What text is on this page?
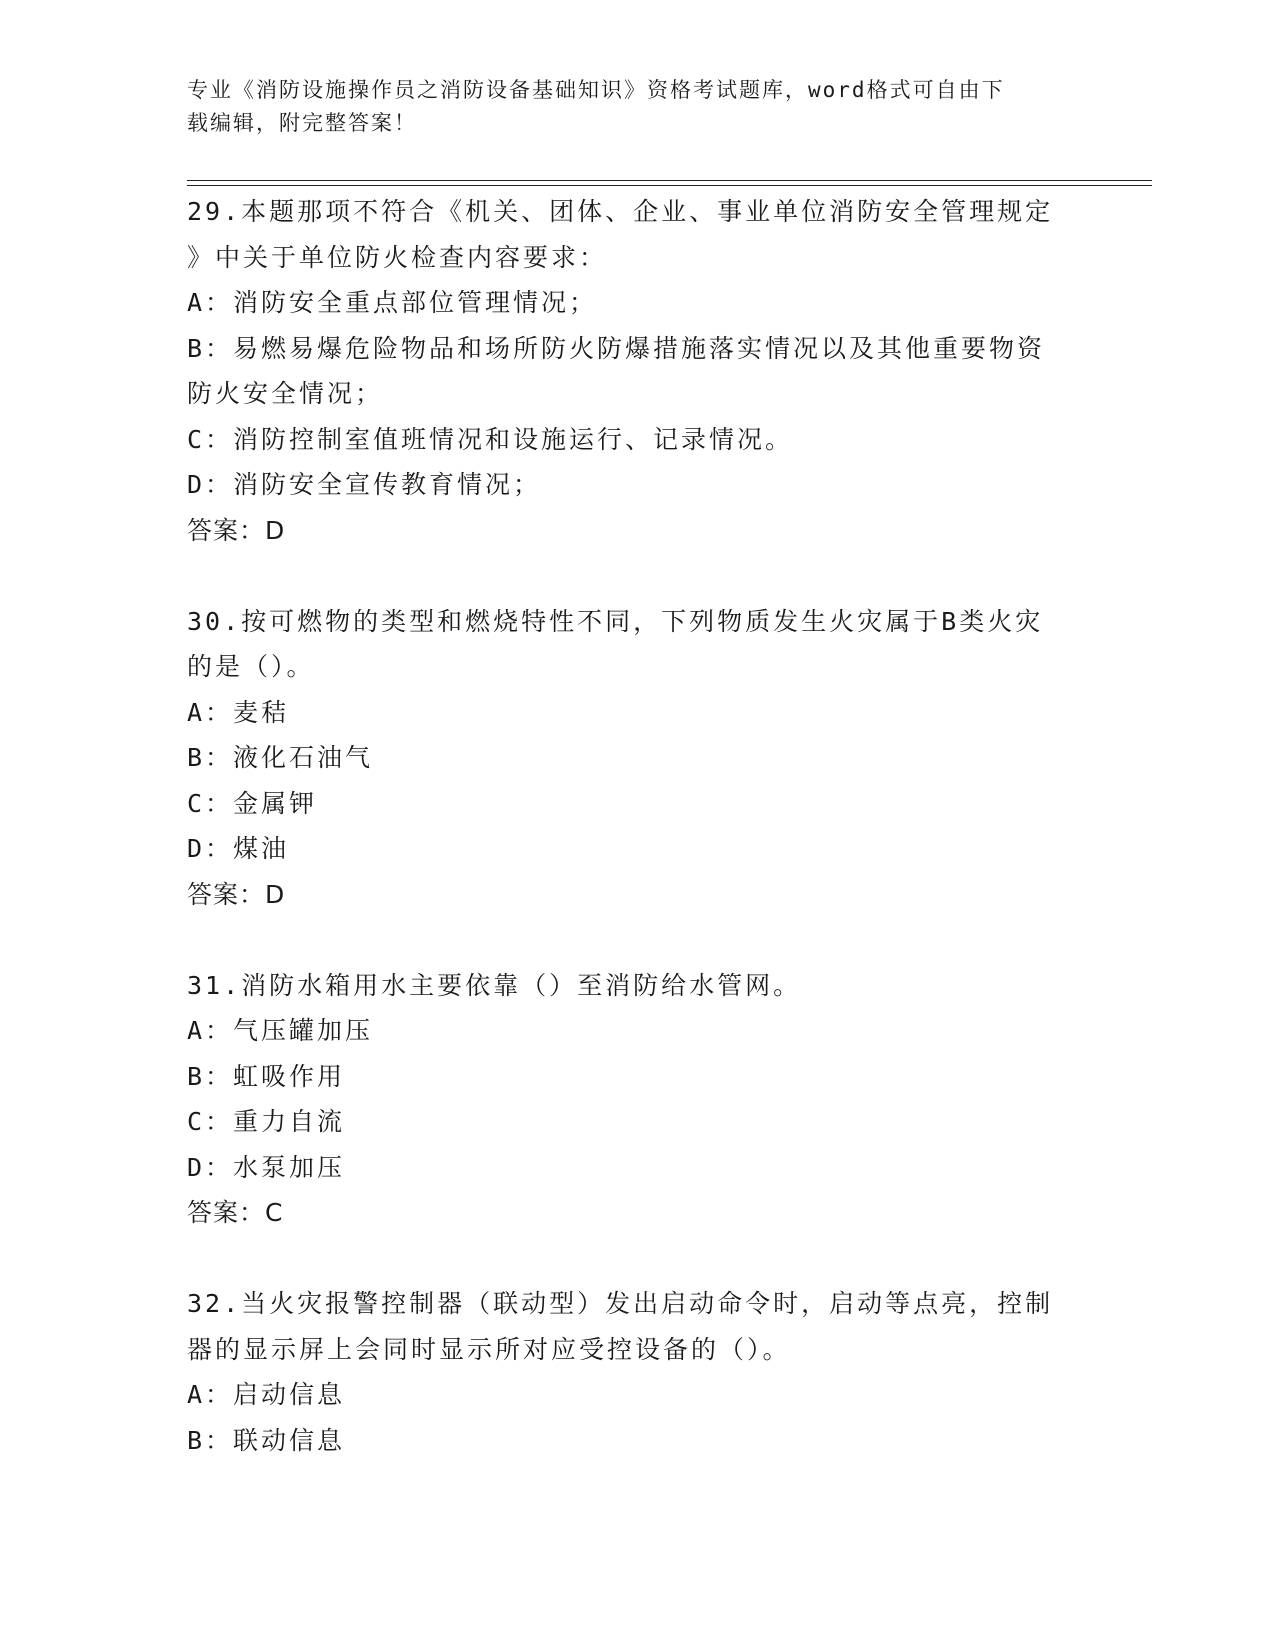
专业《消防设施操作员之消防设备基础知识》资格考试题库，word格式可自由下
载编辑，附完整答案！
29.本题那项不符合《机关、团体、企业、事业单位消防安全管理规定
》中关于单位防火检查内容要求：
A：消防安全重点部位管理情况；
B：易燃易爆危险物品和场所防火防爆措施落实情况以及其他重要物资
防火安全情况；
C：消防控制室值班情况和设施运行、记录情况。
D：消防安全宣传教育情况；
答案：D
30.按可燃物的类型和燃烧特性不同，下列物质发生火灾属于B类火灾
的是（）。
A：麦秸
B：液化石油气
C：金属钾
D：煤油
答案：D
31.消防水箱用水主要依靠（）至消防给水管网。
A：气压罐加压
B：虹吸作用
C：重力自流
D：水泵加压
答案：C
32.当火灾报警控制器（联动型）发出启动命令时，启动等点亮，控制
器的显示屏上会同时显示所对应受控设备的（）。
A：启动信息
B：联动信息
